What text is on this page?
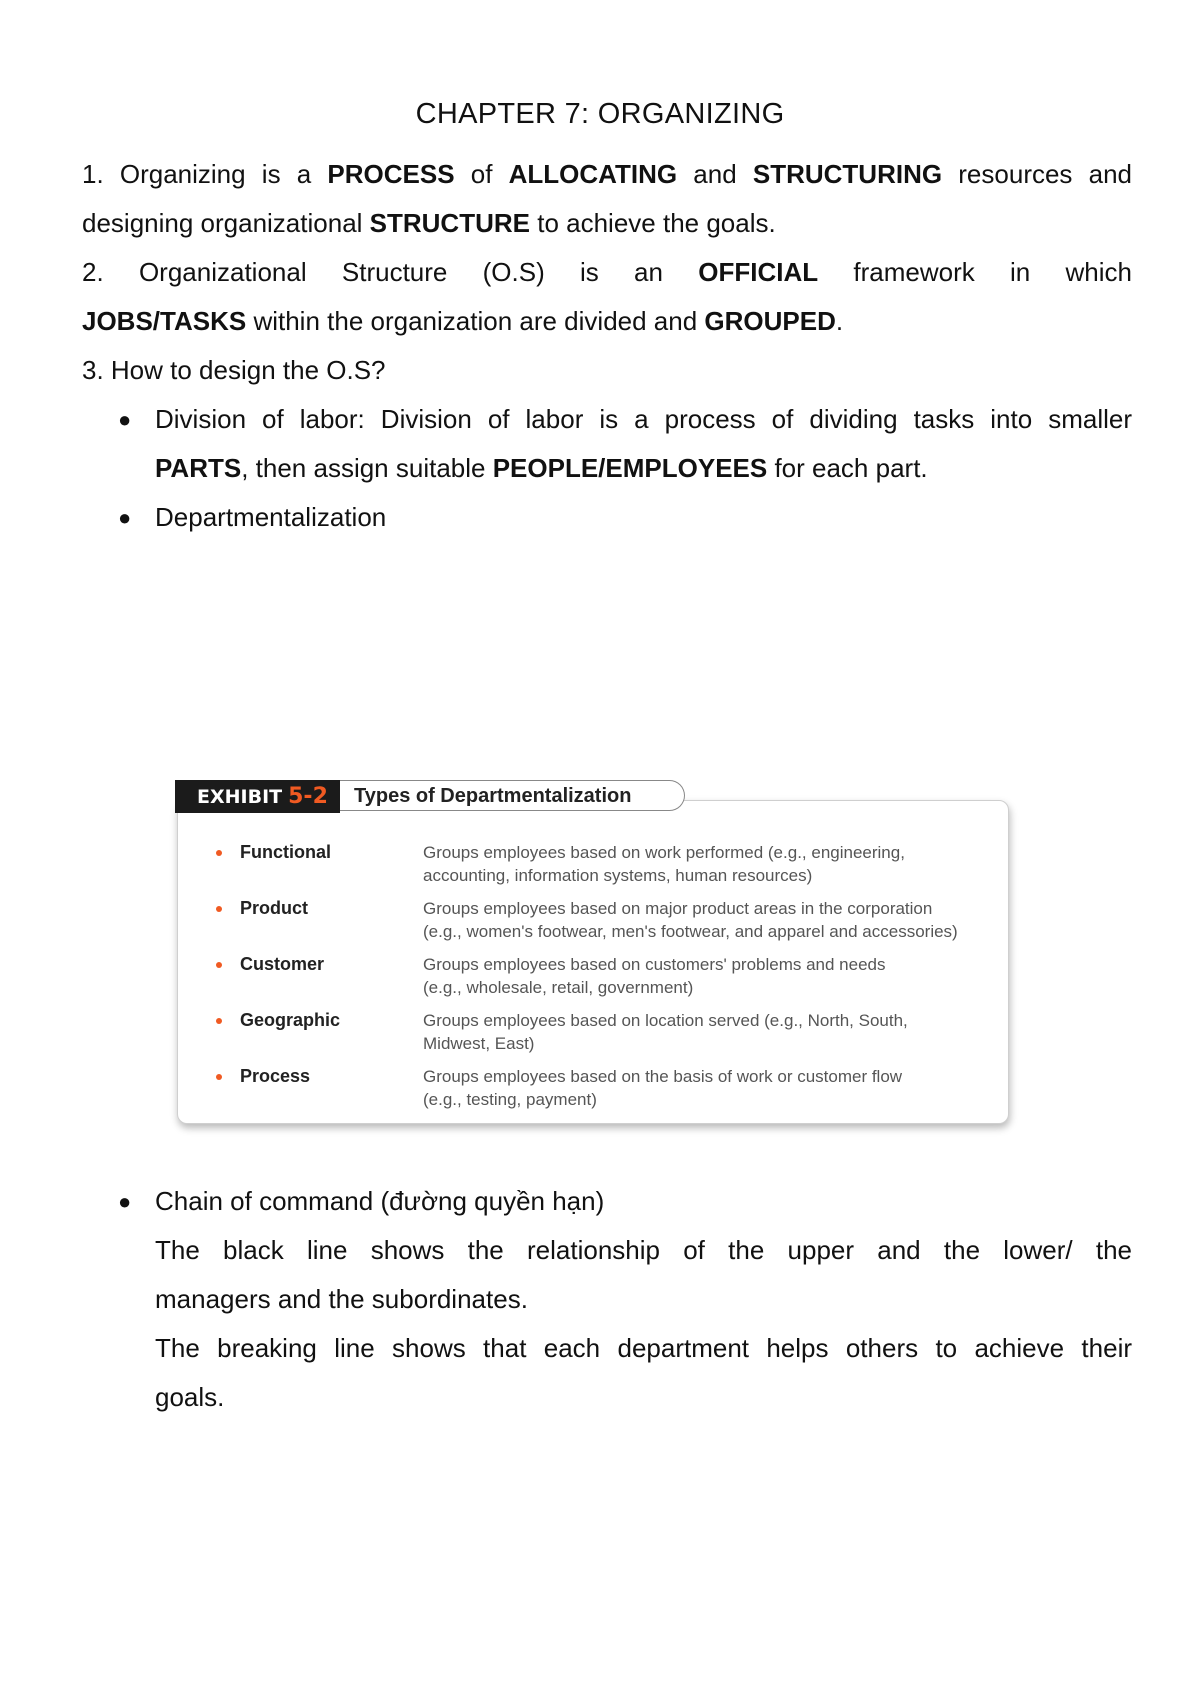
CHAPTER 7: ORGANIZING
1. Organizing is a PROCESS of ALLOCATING and STRUCTURING resources and
designing organizational STRUCTURE to achieve the goals.
2. Organizational Structure (O.S) is an OFFICIAL framework in which
JOBS/TASKS within the organization are divided and GROUPED.
3. How to design the O.S?
● Division of labor: Division of labor is a process of dividing tasks into smaller
PARTS, then assign suitable PEOPLE/EMPLOYEES for each part.
● Departmentalization
Functional	Groups employees based on work performed (e.g., engineering,
accounting, information systems, human resources)
Product	Groups employees based on major product areas in the corporation
(e.g., women's footwear, men's footwear, and apparel and accessories)
Customer	Groups employees based on customers' problems and needs
(e.g., wholesale, retail, government)
Geographic	Groups employees based on location served (e.g., North, South,
Midwest, East)
Process	Groups employees based on the basis of work or customer flow
(e.g., testing, payment)
EXHIBIT 5-2	Types of Departmentalization
● Chain of command (đường quyền hạn)
The black line shows the relationship of the upper and the lower/ the
managers and the subordinates.
The breaking line shows that each department helps others to achieve their
goals.
